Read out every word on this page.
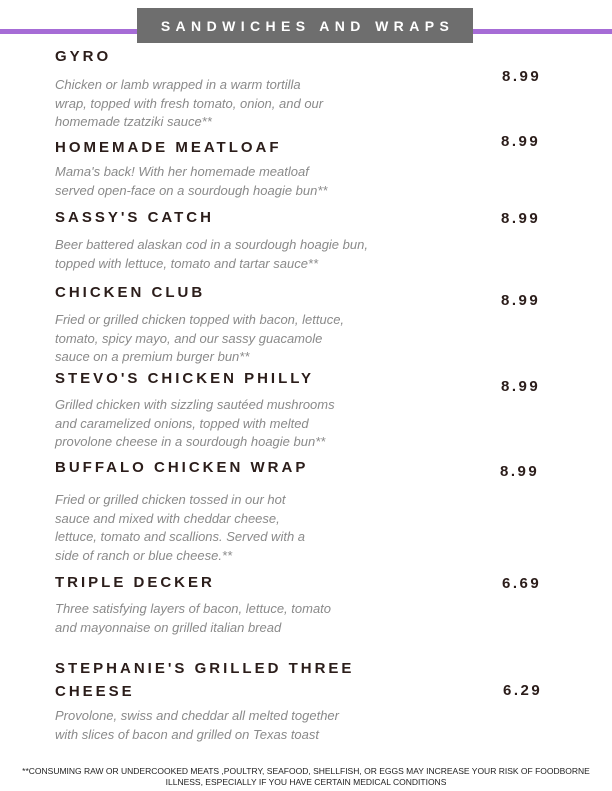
SANDWICHES AND WRAPS
GYRO
Chicken or lamb wrapped in a warm tortilla
wrap, topped with fresh tomato, onion, and our
homemade tzatziki sauce**
8.99
HOMEMADE MEATLOAF
Mama's back! With her homemade meatloaf
served open-face on a sourdough hoagie bun**
8.99
SASSY'S CATCH
Beer battered alaskan cod in a sourdough hoagie bun,
topped with lettuce, tomato and tartar sauce**
8.99
CHICKEN CLUB
Fried or grilled chicken topped with bacon, lettuce,
tomato, spicy mayo, and our sassy guacamole
sauce on a premium burger bun**
8.99
STEVO'S CHICKEN PHILLY
Grilled chicken with sizzling sautéed mushrooms
and caramelized onions, topped with melted
provolone cheese in a sourdough hoagie bun**
8.99
BUFFALO CHICKEN WRAP
Fried or grilled chicken tossed in our hot
sauce and mixed with cheddar cheese,
lettuce, tomato and scallions. Served with a
side of ranch or blue cheese.**
8.99
TRIPLE DECKER
Three satisfying layers of bacon, lettuce, tomato
and mayonnaise on grilled italian bread
6.69
STEPHANIE'S GRILLED THREE
CHEESE
Provolone, swiss and cheddar all melted together
with slices of bacon and grilled on Texas toast
6.29
**CONSUMING RAW OR UNDERCOOKED MEATS ,POULTRY, SEAFOOD, SHELLFISH, OR EGGS MAY INCREASE YOUR RISK OF FOODBORNE
ILLNESS, ESPECIALLY IF YOU HAVE CERTAIN MEDICAL CONDITIONS
